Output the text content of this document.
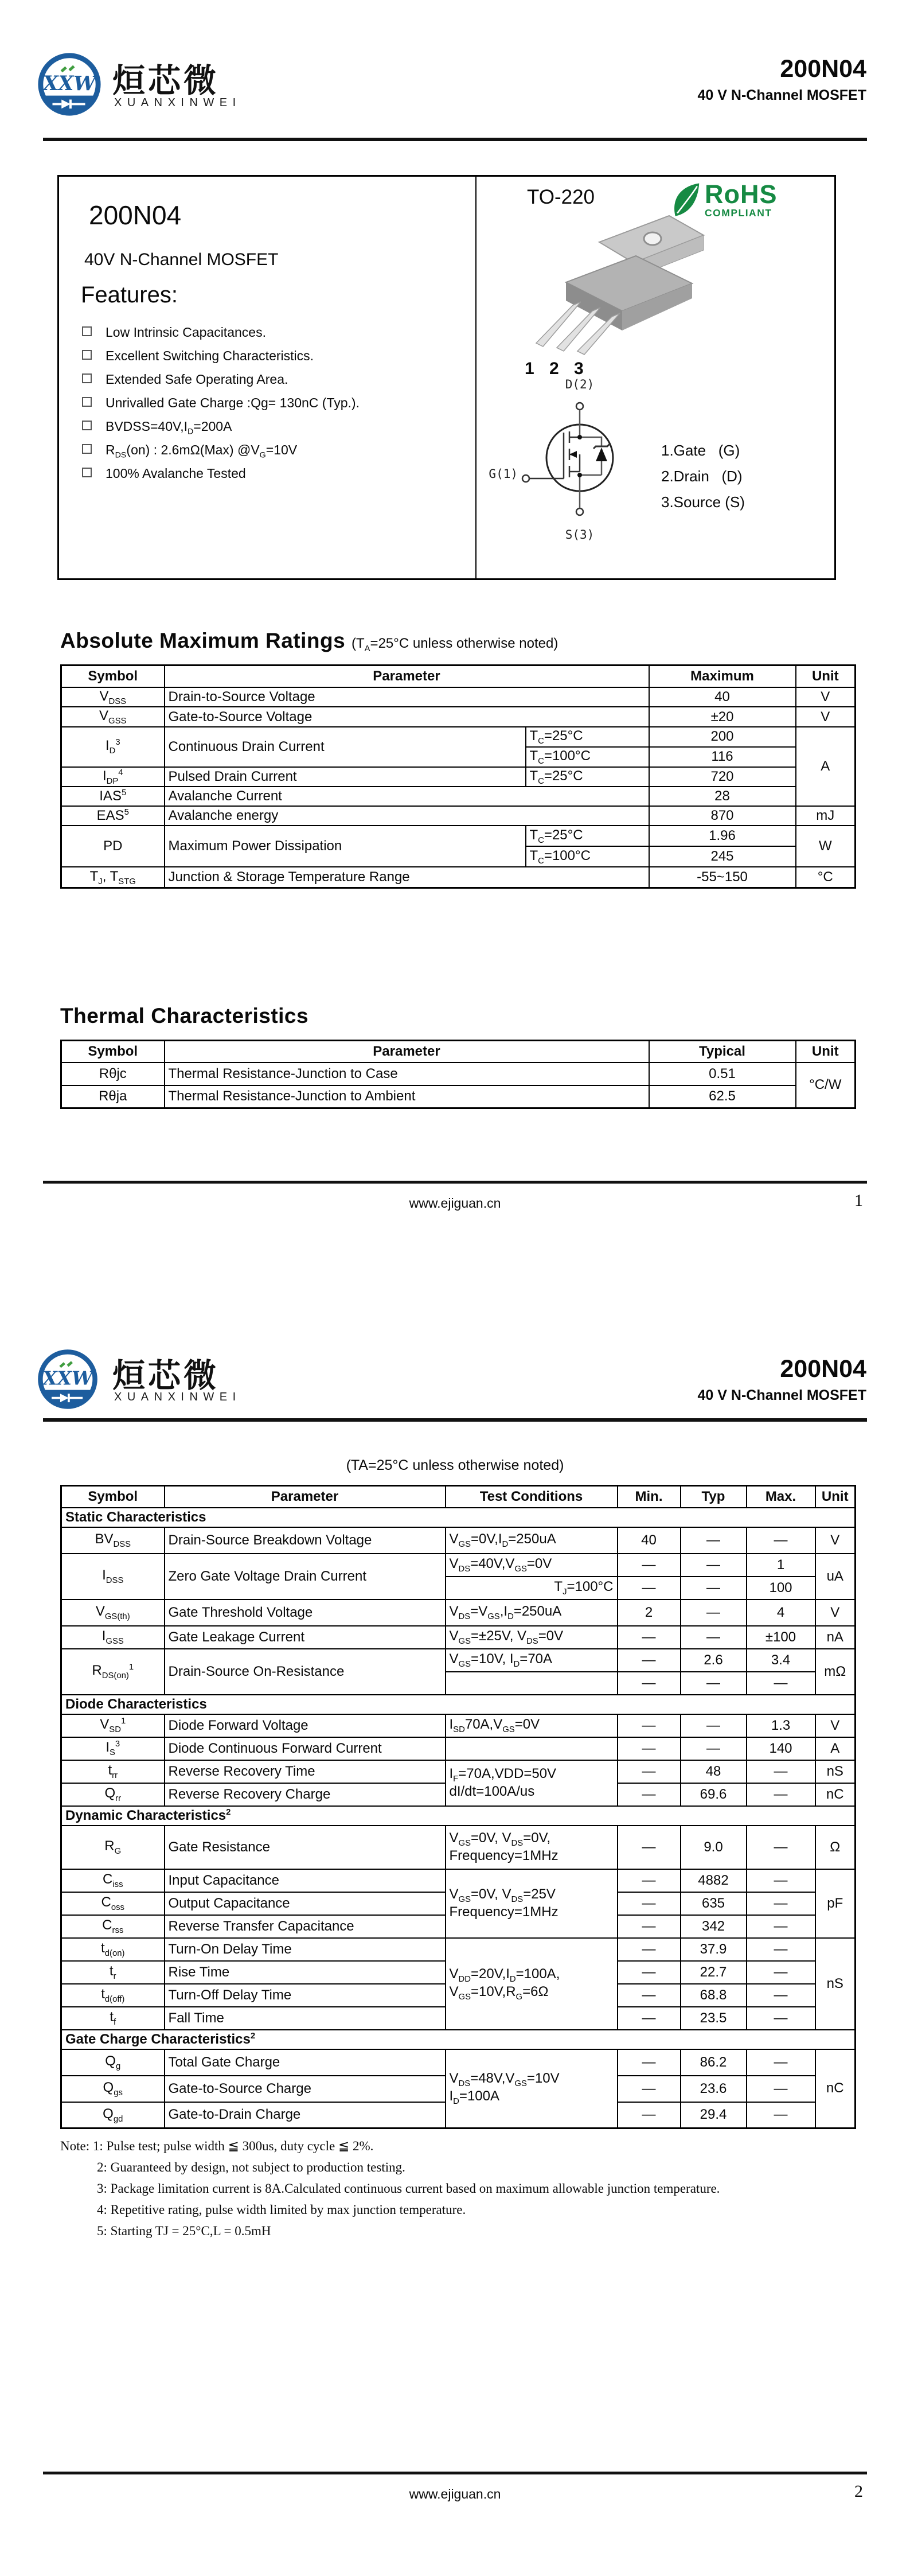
XXW 烜芯微
XUANXINWEI
200N04
40 V N-Channel MOSFET
200N04
40V N-Channel MOSFET
Features:
Low Intrinsic Capacitances.
Excellent Switching Characteristics.
Extended Safe Operating Area.
Unrivalled Gate Charge :Qg= 130nC (Typ.).
$BVDSS=40V,I_D=200A$
$R_{DS}(on)$ : 2.6mΩ(Max) $@V_G=10V$
100% Avalanche Tested
TO-220	RoHS
COMPLIANT
1 2 3
D(2)
G(1)
S(3)
1.Gate   (G)
2.Drain   (D)
3.Source (S)
Absolute Maximum Ratings ($T_A=25^\circ C$ unless otherwise noted)
Symbol	Parameter		Maximum	Unit
$V_{DSS}$	Drain-to-Source Voltage		40	V
$V_{GSS}$	Gate-to-Source Voltage		±20	V
$I_D^3$	Continuous Drain Current	$T_C=25^\circ C$	200	A
		$T_C=100^\circ C$	116	
$I_{DP}^4$	Pulsed Drain Current	$T_C=25^\circ C$	720	
IAS$^5$	Avalanche Current		28	
EAS$^5$	Avalanche energy		870	mJ
PD	Maximum Power Dissipation	$T_C=25^\circ C$	1.96	W
		$T_C=100^\circ C$	245	
$T_J$, $T_{STG}$	Junction & Storage Temperature Range		-55~150	°C
Thermal Characteristics
Symbol	Parameter	Typical	Unit
Rθjc	Thermal Resistance-Junction to Case	0.51	°C/W
Rθja	Thermal Resistance-Junction to Ambient	62.5	
www.ejiguan.cn	1
XXW 烜芯微
XUANXINWEI
200N04
40 V N-Channel MOSFET
(TA=25°C unless otherwise noted)
Symbol	Parameter	Test Conditions	Min.	Typ	Max.	Unit
Static Characteristics						
$BV_{DSS}$	Drain-Source Breakdown Voltage	$V_{GS}=0V,I_D=250uA$	40	—	—	V
$I_{DSS}$	Zero Gate Voltage Drain Current	$V_{DS}=40V,V_{GS}=0V$	—	—	1	uA
		$T_J=100^\circ C$	—	—	100	
$V_{GS(th)}$	Gate Threshold Voltage	$V_{DS}=V_{GS},I_D=250uA$	2	—	4	V
$I_{GSS}$	Gate Leakage Current	$V_{GS}=\pm 25V$, $V_{DS}=0V$	—	—	±100	nA
$R_{DS(on)}^1$	Drain-Source On-Resistance	$V_{GS}=10V$, $I_D=70A$	—	2.6	3.4	mΩ
			—	—	—	
Diode Characteristics						
$V_{SD}^1$	Diode Forward Voltage	$I_{SD}70A,V_{GS}=0V$	—	—	1.3	V
$I_S^3$	Diode Continuous Forward Current		—	—	140	A
$t_{rr}$	Reverse Recovery Time	$I_F=70A,VDD=50V$
dI/dt=100A/us	—	48	—	nS
$Q_{rr}$	Reverse Recovery Charge		—	69.6	—	nC
Dynamic Characteristics$^2$
$R_G$	Gate Resistance	$V_{GS}=0V$, $V_{DS}=0V$,
Frequency=1MHz	—	9.0	—	Ω
$C_{iss}$	Input Capacitance	$V_{GS}=0V$, $V_{DS}=25V$
Frequency=1MHz	—	4882	—	pF
$C_{oss}$	Output Capacitance		—	635	—	
$C_{rss}$	Reverse Transfer Capacitance		—	342	—	
$t_{d(on)}$	Turn-On Delay Time	$V_{DD}=20V,I_D=100A$,
$V_{GS}=10V,R_G=6\Omega$	—	37.9	—	nS
$t_r$	Rise Time		—	22.7	—	
$t_{d(off)}$	Turn-Off Delay Time		—	68.8	—	
$t_f$	Fall Time		—	23.5	—	
Gate Charge Characteristics$^2$
$Q_g$	Total Gate Charge	$V_{DS}=48V,V_{GS}=10V$
$I_D=100A$	—	86.2	—	nC
$Q_{gs}$	Gate-to-Source Charge		—	23.6	—	
$Q_{gd}$	Gate-to-Drain Charge		—	29.4	—	
Note: 1: Pulse test; pulse width ≦ 300us, duty cycle ≦ 2%.
2: Guaranteed by design, not subject to production testing.
3: Package limitation current is 8A.Calculated continuous current based on maximum allowable junction temperature.
4: Repetitive rating, pulse width limited by max junction temperature.
5: Starting TJ = 25°C,L = 0.5mH
www.ejiguan.cn	2
